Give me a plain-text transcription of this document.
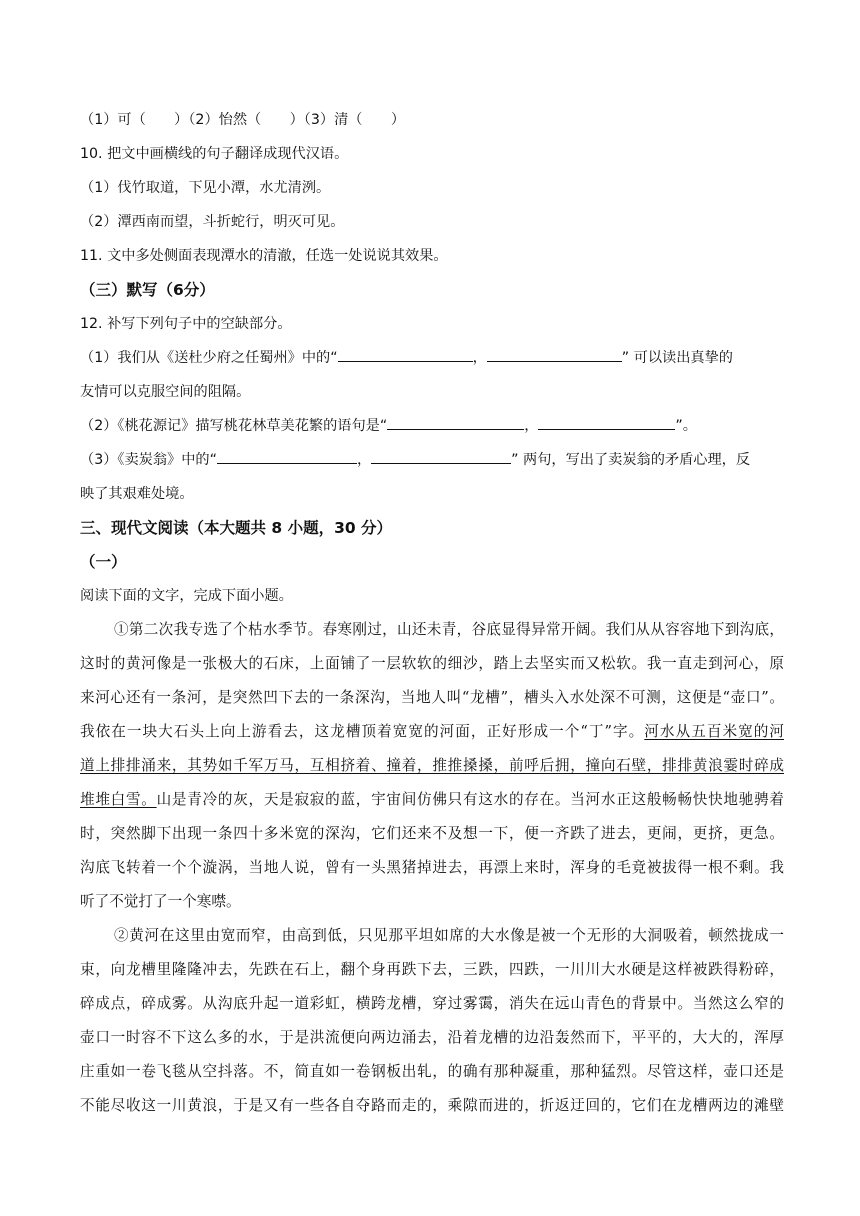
（1）可（　　）（2）怡然（　　）（3）清（　　）
10. 把文中画横线的句子翻译成现代汉语。
（1）伐竹取道，下见小潭，水尤清洌。
（2）潭西南而望，斗折蛇行，明灭可见。
11. 文中多处侧面表现潭水的清澈，任选一处说说其效果。
（三）默写（6分）
12. 补写下列句子中的空缺部分。
（1）我们从《送杜少府之任蜀州》中的“	，	” 可以读出真挚的
友情可以克服空间的阻隔。
（2）《桃花源记》描写桃花林草美花繁的语句是“	，	”。
（3）《卖炭翁》中的“	，	” 两句，写出了卖炭翁的矛盾心理，反
映了其艰难处境。
三、现代文阅读（本大题共 8 小题，30 分）
（一）
阅读下面的文字，完成下面小题。
①第二次我专选了个枯水季节。春寒刚过，山还未青，谷底显得异常开阔。我们从从容容地下到沟底，
这时的黄河像是一张极大的石床，上面铺了一层软软的细沙，踏上去坚实而又松软。我一直走到河心，原
来河心还有一条河，是突然凹下去的一条深沟，当地人叫“龙槽”，槽头入水处深不可测，这便是“壶口”。
我依在一块大石头上向上游看去，这龙槽顶着宽宽的河面，正好形成一个“丁”字。河水从五百米宽的河
道上排排涌来，其势如千军万马，互相挤着、撞着，推推搡搡，前呼后拥，撞向石壁，排排黄浪霎时碎成
堆堆白雪。山是青冷的灰，天是寂寂的蓝，宇宙间仿佛只有这水的存在。当河水正这般畅畅快快地驰骋着
时，突然脚下出现一条四十多米宽的深沟，它们还来不及想一下，便一齐跌了进去，更闹，更挤，更急。
沟底飞转着一个个漩涡，当地人说，曾有一头黑猪掉进去，再漂上来时，浑身的毛竟被拔得一根不剩。我
听了不觉打了一个寒噤。
②黄河在这里由宽而窄，由高到低，只见那平坦如席的大水像是被一个无形的大洞吸着，顿然拢成一
束，向龙槽里隆隆冲去，先跌在石上，翻个身再跌下去，三跌，四跌，一川川大水硬是这样被跌得粉碎，
碎成点，碎成雾。从沟底升起一道彩虹，横跨龙槽，穿过雾霭，消失在远山青色的背景中。当然这么窄的
壶口一时容不下这么多的水，于是洪流便向两边涌去，沿着龙槽的边沿轰然而下，平平的，大大的，浑厚
庄重如一卷飞毯从空抖落。不，简直如一卷钢板出轧，的确有那种凝重，那种猛烈。尽管这样，壶口还是
不能尽收这一川黄浪，于是又有一些各自夺路而走的，乘隙而进的，折返迂回的，它们在龙槽两边的滩壁
